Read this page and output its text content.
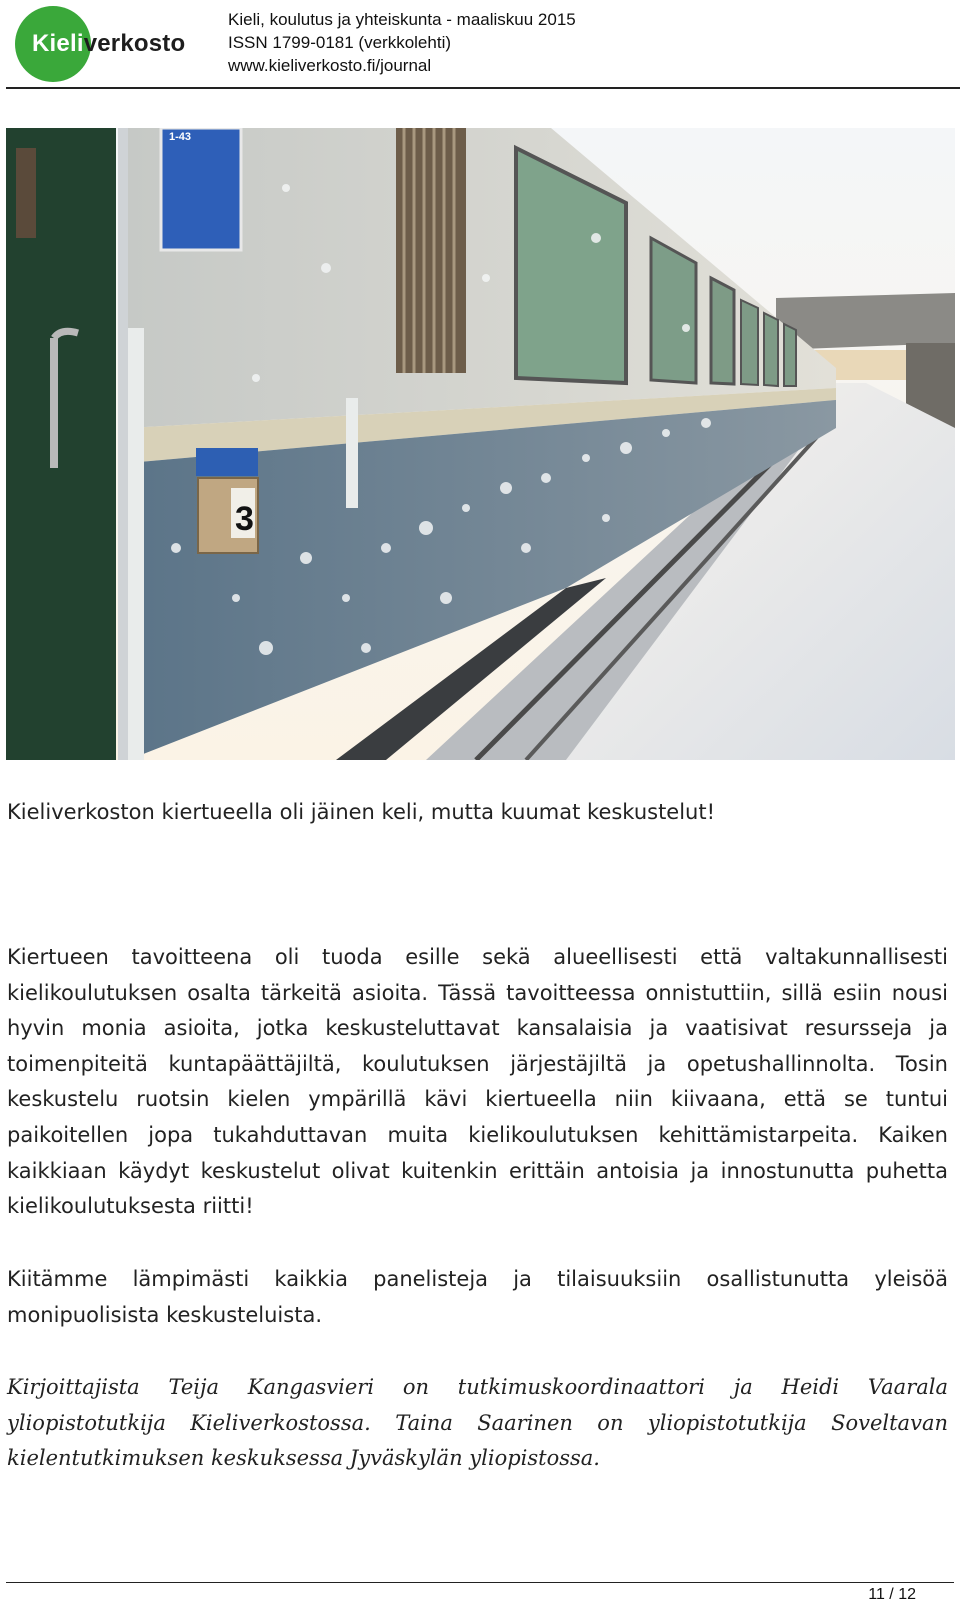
Kieliverkosto
Kieli, koulutus ja yhteiskunta - maaliskuu 2015
ISSN 1799-0181 (verkkolehti)
www.kieliverkosto.fi/journal
1-43
3
Kieliverkoston kiertueella oli jäinen keli, mutta kuumat keskustelut!

Kiertueen tavoitteena oli tuoda esille sekä alueellisesti että valtakunnallisesti kielikoulutuksen osalta tärkeitä asioita. Tässä tavoitteessa onnistuttiin, sillä esiin nousi hyvin monia asioita, jotka keskusteluttavat kansalaisia ja vaatisivat resursseja ja toimenpiteitä kuntapäättäjiltä, koulutuksen järjestäjiltä ja opetushallinnolta. Tosin keskustelu ruotsin kielen ympärillä kävi kiertueella niin kiivaana, että se tuntui paikoitellen jopa tukahduttavan muita kielikoulutuksen kehittämistarpeita. Kaiken kaikkiaan käydyt keskustelut olivat kuitenkin erittäin antoisia ja innostunutta puhetta kielikoulutuksesta riitti!

Kiitämme lämpimästi kaikkia panelisteja ja tilaisuuksiin osallistunutta yleisöä monipuolisista keskusteluista.

Kirjoittajista Teija Kangasvieri on tutkimuskoordinaattori ja Heidi Vaarala yliopistotutkija Kieliverkostossa. Taina Saarinen on yliopistotutkija Soveltavan kielentutkimuksen keskuksessa Jyväskylän yliopistossa.

11 / 12
